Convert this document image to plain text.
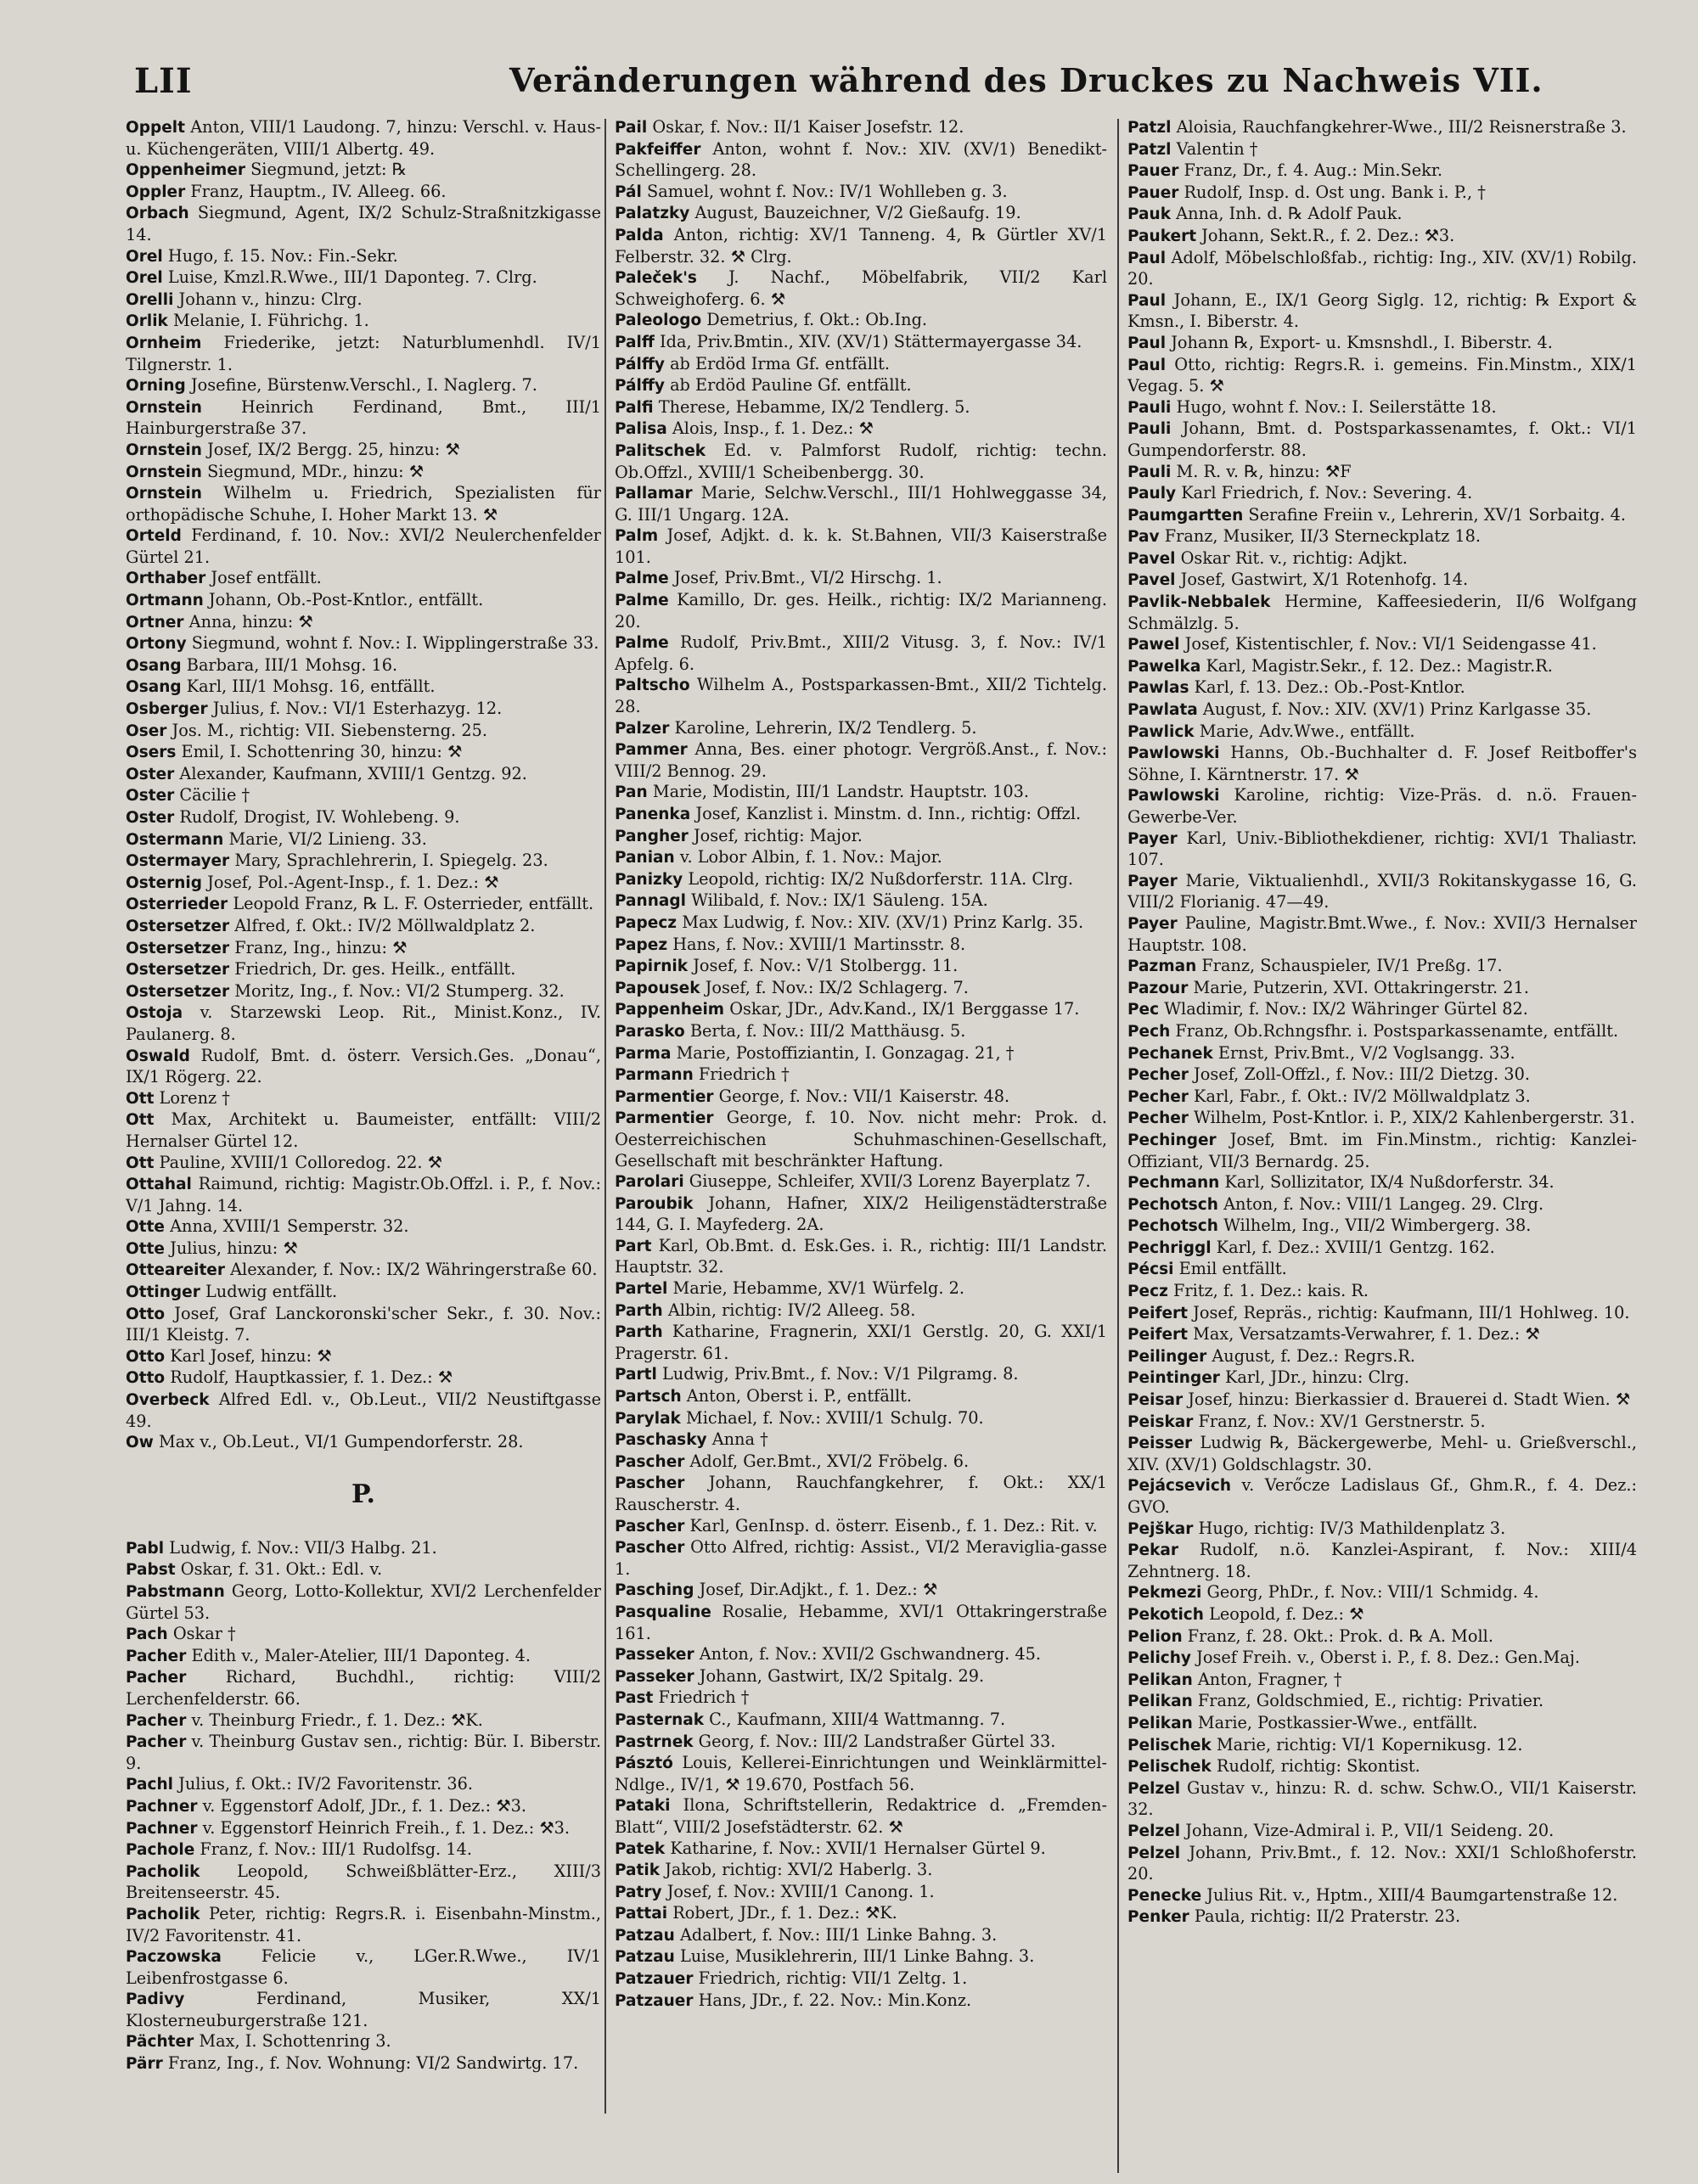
LII	Veränderungen während des Druckes zu Nachweis VII.

Oppelt Anton, VIII/1 Laudong. 7, hinzu: Verschl. v. Haus- u. Küchengeräten, VIII/1 Albertg. 49.

Oppenheimer Siegmund, jetzt: ℞

Oppler Franz, Hauptm., IV. Alleeg. 66.

Orbach Siegmund, Agent, IX/2 Schulz-Straßnitzkigasse 14.

Orel Hugo, f. 15. Nov.: Fin.-Sekr.

Orel Luise, Kmzl.R.Wwe., III/1 Daponteg. 7. Clrg.

Orelli Johann v., hinzu: Clrg.

Orlik Melanie, I. Führichg. 1.

Ornheim Friederike, jetzt: Naturblumenhdl. IV/1 Tilgnerstr. 1.

Orning Josefine, Bürstenw.Verschl., I. Naglerg. 7.

Ornstein Heinrich Ferdinand, Bmt., III/1 Hainburgerstraße 37.

Ornstein Josef, IX/2 Bergg. 25, hinzu: ⚒

Ornstein Siegmund, MDr., hinzu: ⚒

Ornstein Wilhelm u. Friedrich, Spezialisten für orthopädische Schuhe, I. Hoher Markt 13. ⚒

Orteld Ferdinand, f. 10. Nov.: XVI/2 Neulerchenfelder Gürtel 21.

Orthaber Josef entfällt.

Ortmann Johann, Ob.-Post-Kntlor., entfällt.

Ortner Anna, hinzu: ⚒

Ortony Siegmund, wohnt f. Nov.: I. Wipplingerstraße 33.

Osang Barbara, III/1 Mohsg. 16.

Osang Karl, III/1 Mohsg. 16, entfällt.

Osberger Julius, f. Nov.: VI/1 Esterhazyg. 12.

Oser Jos. M., richtig: VII. Siebensterng. 25.

Osers Emil, I. Schottenring 30, hinzu: ⚒

Oster Alexander, Kaufmann, XVIII/1 Gentzg. 92.

Oster Cäcilie †

Oster Rudolf, Drogist, IV. Wohlebeng. 9.

Ostermann Marie, VI/2 Linieng. 33.

Ostermayer Mary, Sprachlehrerin, I. Spiegelg. 23.

Osternig Josef, Pol.-Agent-Insp., f. 1. Dez.: ⚒

Osterrieder Leopold Franz, ℞ L. F. Osterrieder, entfällt.

Ostersetzer Alfred, f. Okt.: IV/2 Möllwaldplatz 2.

Ostersetzer Franz, Ing., hinzu: ⚒

Ostersetzer Friedrich, Dr. ges. Heilk., entfällt.

Ostersetzer Moritz, Ing., f. Nov.: VI/2 Stumperg. 32.

Ostoja v. Starzewski Leop. Rit., Minist.Konz., IV. Paulanerg. 8.

Oswald Rudolf, Bmt. d. österr. Versich.Ges. „Donau“, IX/1 Rögerg. 22.

Ott Lorenz †

Ott Max, Architekt u. Baumeister, entfällt: VIII/2 Hernalser Gürtel 12.

Ott Pauline, XVIII/1 Colloredog. 22. ⚒

Ottahal Raimund, richtig: Magistr.Ob.Offzl. i. P., f. Nov.: V/1 Jahng. 14.

Otte Anna, XVIII/1 Semperstr. 32.

Otte Julius, hinzu: ⚒

Otteareiter Alexander, f. Nov.: IX/2 Währingerstraße 60.

Ottinger Ludwig entfällt.

Otto Josef, Graf Lanckoronski'scher Sekr., f. 30. Nov.: III/1 Kleistg. 7.

Otto Karl Josef, hinzu: ⚒

Otto Rudolf, Hauptkassier, f. 1. Dez.: ⚒

Overbeck Alfred Edl. v., Ob.Leut., VII/2 Neustiftgasse 49.

Ow Max v., Ob.Leut., VI/1 Gumpendorferstr. 28.

P.

Pabl Ludwig, f. Nov.: VII/3 Halbg. 21.

Pabst Oskar, f. 31. Okt.: Edl. v.

Pabstmann Georg, Lotto-Kollektur, XVI/2 Lerchenfelder Gürtel 53.

Pach Oskar †

Pacher Edith v., Maler-Atelier, III/1 Daponteg. 4.

Pacher Richard, Buchdhl., richtig: VIII/2 Lerchenfelderstr. 66.

Pacher v. Theinburg Friedr., f. 1. Dez.: ⚒K.

Pacher v. Theinburg Gustav sen., richtig: Bür. I. Biberstr. 9.

Pachl Julius, f. Okt.: IV/2 Favoritenstr. 36.

Pachner v. Eggenstorf Adolf, JDr., f. 1. Dez.: ⚒3.

Pachner v. Eggenstorf Heinrich Freih., f. 1. Dez.: ⚒3.

Pachole Franz, f. Nov.: III/1 Rudolfsg. 14.

Pacholik Leopold, Schweißblätter-Erz., XIII/3 Breitenseerstr. 45.

Pacholik Peter, richtig: Regrs.R. i. Eisenbahn-Minstm., IV/2 Favoritenstr. 41.

Paczowska Felicie v., LGer.R.Wwe., IV/1 Leibenfrostgasse 6.

Padivy Ferdinand, Musiker, XX/1 Klosterneuburgerstraße 121.

Pächter Max, I. Schottenring 3.

Pärr Franz, Ing., f. Nov. Wohnung: VI/2 Sandwirtg. 17.

Pail Oskar, f. Nov.: II/1 Kaiser Josefstr. 12.

Pakfeiffer Anton, wohnt f. Nov.: XIV. (XV/1) Benedikt-Schellingerg. 28.

Pál Samuel, wohnt f. Nov.: IV/1 Wohlleben g. 3.

Palatzky August, Bauzeichner, V/2 Gießaufg. 19.

Palda Anton, richtig: XV/1 Tanneng. 4, ℞ Gürtler XV/1 Felberstr. 32. ⚒ Clrg.

Paleček's J. Nachf., Möbelfabrik, VII/2 Karl Schweighoferg. 6. ⚒

Paleologo Demetrius, f. Okt.: Ob.Ing.

Palff Ida, Priv.Bmtin., XIV. (XV/1) Stättermayergasse 34.

Pálffy ab Erdöd Irma Gf. entfällt.

Pálffy ab Erdöd Pauline Gf. entfällt.

Palfi Therese, Hebamme, IX/2 Tendlerg. 5.

Palisa Alois, Insp., f. 1. Dez.: ⚒

Palitschek Ed. v. Palmforst Rudolf, richtig: techn. Ob.Offzl., XVIII/1 Scheibenbergg. 30.

Pallamar Marie, Selchw.Verschl., III/1 Hohlweggasse 34, G. III/1 Ungarg. 12A.

Palm Josef, Adjkt. d. k. k. St.Bahnen, VII/3 Kaiserstraße 101.

Palme Josef, Priv.Bmt., VI/2 Hirschg. 1.

Palme Kamillo, Dr. ges. Heilk., richtig: IX/2 Marianneng. 20.

Palme Rudolf, Priv.Bmt., XIII/2 Vitusg. 3, f. Nov.: IV/1 Apfelg. 6.

Paltscho Wilhelm A., Postsparkassen-Bmt., XII/2 Tichtelg. 28.

Palzer Karoline, Lehrerin, IX/2 Tendlerg. 5.

Pammer Anna, Bes. einer photogr. Vergröß.Anst., f. Nov.: VIII/2 Bennog. 29.

Pan Marie, Modistin, III/1 Landstr. Hauptstr. 103.

Panenka Josef, Kanzlist i. Minstm. d. Inn., richtig: Offzl.

Pangher Josef, richtig: Major.

Panian v. Lobor Albin, f. 1. Nov.: Major.

Panizky Leopold, richtig: IX/2 Nußdorferstr. 11A. Clrg.

Pannagl Wilibald, f. Nov.: IX/1 Säuleng. 15A.

Papecz Max Ludwig, f. Nov.: XIV. (XV/1) Prinz Karlg. 35.

Papez Hans, f. Nov.: XVIII/1 Martinsstr. 8.

Papirnik Josef, f. Nov.: V/1 Stolbergg. 11.

Papousek Josef, f. Nov.: IX/2 Schlagerg. 7.

Pappenheim Oskar, JDr., Adv.Kand., IX/1 Berggasse 17.

Parasko Berta, f. Nov.: III/2 Matthäusg. 5.

Parma Marie, Postoffiziantin, I. Gonzagag. 21, †

Parmann Friedrich †

Parmentier George, f. Nov.: VII/1 Kaiserstr. 48.

Parmentier George, f. 10. Nov. nicht mehr: Prok. d. Oesterreichischen Schuhmaschinen-Gesellschaft, Gesellschaft mit beschränkter Haftung.

Parolari Giuseppe, Schleifer, XVII/3 Lorenz Bayerplatz 7.

Paroubik Johann, Hafner, XIX/2 Heiligenstädterstraße 144, G. I. Mayfederg. 2A.

Part Karl, Ob.Bmt. d. Esk.Ges. i. R., richtig: III/1 Landstr. Hauptstr. 32.

Partel Marie, Hebamme, XV/1 Würfelg. 2.

Parth Albin, richtig: IV/2 Alleeg. 58.

Parth Katharine, Fragnerin, XXI/1 Gerstlg. 20, G. XXI/1 Pragerstr. 61.

Partl Ludwig, Priv.Bmt., f. Nov.: V/1 Pilgramg. 8.

Partsch Anton, Oberst i. P., entfällt.

Parylak Michael, f. Nov.: XVIII/1 Schulg. 70.

Paschasky Anna †

Pascher Adolf, Ger.Bmt., XVI/2 Fröbelg. 6.

Pascher Johann, Rauchfangkehrer, f. Okt.: XX/1 Rauscherstr. 4.

Pascher Karl, GenInsp. d. österr. Eisenb., f. 1. Dez.: Rit. v.

Pascher Otto Alfred, richtig: Assist., VI/2 Meraviglia-gasse 1.

Pasching Josef, Dir.Adjkt., f. 1. Dez.: ⚒

Pasqualine Rosalie, Hebamme, XVI/1 Ottakringerstraße 161.

Passeker Anton, f. Nov.: XVII/2 Gschwandnerg. 45.

Passeker Johann, Gastwirt, IX/2 Spitalg. 29.

Past Friedrich †

Pasternak C., Kaufmann, XIII/4 Wattmanng. 7.

Pastrnek Georg, f. Nov.: III/2 Landstraßer Gürtel 33.

Pásztó Louis, Kellerei-Einrichtungen und Weinklärmittel-Ndlge., IV/1, ⚒ 19.670, Postfach 56.

Pataki Ilona, Schriftstellerin, Redaktrice d. „Fremden-Blatt“, VIII/2 Josefstädterstr. 62. ⚒

Patek Katharine, f. Nov.: XVII/1 Hernalser Gürtel 9.

Patik Jakob, richtig: XVI/2 Haberlg. 3.

Patry Josef, f. Nov.: XVIII/1 Canong. 1.

Pattai Robert, JDr., f. 1. Dez.: ⚒K.

Patzau Adalbert, f. Nov.: III/1 Linke Bahng. 3.

Patzau Luise, Musiklehrerin, III/1 Linke Bahng. 3.

Patzauer Friedrich, richtig: VII/1 Zeltg. 1.

Patzauer Hans, JDr., f. 22. Nov.: Min.Konz.

Patzl Aloisia, Rauchfangkehrer-Wwe., III/2 Reisnerstraße 3.

Patzl Valentin †

Pauer Franz, Dr., f. 4. Aug.: Min.Sekr.

Pauer Rudolf, Insp. d. Ost ung. Bank i. P., †

Pauk Anna, Inh. d. ℞ Adolf Pauk.

Paukert Johann, Sekt.R., f. 2. Dez.: ⚒3.

Paul Adolf, Möbelschloßfab., richtig: Ing., XIV. (XV/1) Robilg. 20.

Paul Johann, E., IX/1 Georg Siglg. 12, richtig: ℞ Export & Kmsn., I. Biberstr. 4.

Paul Johann ℞, Export- u. Kmsnshdl., I. Biberstr. 4.

Paul Otto, richtig: Regrs.R. i. gemeins. Fin.Minstm., XIX/1 Vegag. 5. ⚒

Pauli Hugo, wohnt f. Nov.: I. Seilerstätte 18.

Pauli Johann, Bmt. d. Postsparkassenamtes, f. Okt.: VI/1 Gumpendorferstr. 88.

Pauli M. R. v. ℞, hinzu: ⚒F

Pauly Karl Friedrich, f. Nov.: Severing. 4.

Paumgartten Serafine Freiin v., Lehrerin, XV/1 Sorbaitg. 4.

Pav Franz, Musiker, II/3 Sterneckplatz 18.

Pavel Oskar Rit. v., richtig: Adjkt.

Pavel Josef, Gastwirt, X/1 Rotenhofg. 14.

Pavlik-Nebbalek Hermine, Kaffeesiederin, II/6 Wolfgang Schmälzlg. 5.

Pawel Josef, Kistentischler, f. Nov.: VI/1 Seidengasse 41.

Pawelka Karl, Magistr.Sekr., f. 12. Dez.: Magistr.R.

Pawlas Karl, f. 13. Dez.: Ob.-Post-Kntlor.

Pawlata August, f. Nov.: XIV. (XV/1) Prinz Karlgasse 35.

Pawlick Marie, Adv.Wwe., entfällt.

Pawlowski Hanns, Ob.-Buchhalter d. F. Josef Reitboffer's Söhne, I. Kärntnerstr. 17. ⚒

Pawlowski Karoline, richtig: Vize-Präs. d. n.ö. Frauen-Gewerbe-Ver.

Payer Karl, Univ.-Bibliothekdiener, richtig: XVI/1 Thaliastr. 107.

Payer Marie, Viktualienhdl., XVII/3 Rokitanskygasse 16, G. VIII/2 Florianig. 47—49.

Payer Pauline, Magistr.Bmt.Wwe., f. Nov.: XVII/3 Hernalser Hauptstr. 108.

Pazman Franz, Schauspieler, IV/1 Preßg. 17.

Pazour Marie, Putzerin, XVI. Ottakringerstr. 21.

Pec Wladimir, f. Nov.: IX/2 Währinger Gürtel 82.

Pech Franz, Ob.Rchngsfhr. i. Postsparkassenamte, entfällt.

Pechanek Ernst, Priv.Bmt., V/2 Voglsangg. 33.

Pecher Josef, Zoll-Offzl., f. Nov.: III/2 Dietzg. 30.

Pecher Karl, Fabr., f. Okt.: IV/2 Möllwaldplatz 3.

Pecher Wilhelm, Post-Kntlor. i. P., XIX/2 Kahlenbergerstr. 31.

Pechinger Josef, Bmt. im Fin.Minstm., richtig: Kanzlei-Offiziant, VII/3 Bernardg. 25.

Pechmann Karl, Sollizitator, IX/4 Nußdorferstr. 34.

Pechotsch Anton, f. Nov.: VIII/1 Langeg. 29. Clrg.

Pechotsch Wilhelm, Ing., VII/2 Wimbergerg. 38.

Pechriggl Karl, f. Dez.: XVIII/1 Gentzg. 162.

Pécsi Emil entfällt.

Pecz Fritz, f. 1. Dez.: kais. R.

Peifert Josef, Repräs., richtig: Kaufmann, III/1 Hohlweg. 10.

Peifert Max, Versatzamts-Verwahrer, f. 1. Dez.: ⚒

Peilinger August, f. Dez.: Regrs.R.

Peintinger Karl, JDr., hinzu: Clrg.

Peisar Josef, hinzu: Bierkassier d. Brauerei d. Stadt Wien. ⚒

Peiskar Franz, f. Nov.: XV/1 Gerstnerstr. 5.

Peisser Ludwig ℞, Bäckergewerbe, Mehl- u. Grießverschl., XIV. (XV/1) Goldschlagstr. 30.

Pejácsevich v. Verőcze Ladislaus Gf., Ghm.R., f. 4. Dez.: GVO.

Pejškar Hugo, richtig: IV/3 Mathildenplatz 3.

Pekar Rudolf, n.ö. Kanzlei-Aspirant, f. Nov.: XIII/4 Zehntnerg. 18.

Pekmezi Georg, PhDr., f. Nov.: VIII/1 Schmidg. 4.

Pekotich Leopold, f. Dez.: ⚒

Pelion Franz, f. 28. Okt.: Prok. d. ℞ A. Moll.

Pelichy Josef Freih. v., Oberst i. P., f. 8. Dez.: Gen.Maj.

Pelikan Anton, Fragner, †

Pelikan Franz, Goldschmied, E., richtig: Privatier.

Pelikan Marie, Postkassier-Wwe., entfällt.

Pelischek Marie, richtig: VI/1 Kopernikusg. 12.

Pelischek Rudolf, richtig: Skontist.

Pelzel Gustav v., hinzu: R. d. schw. Schw.O., VII/1 Kaiserstr. 32.

Pelzel Johann, Vize-Admiral i. P., VII/1 Seideng. 20.

Pelzel Johann, Priv.Bmt., f. 12. Nov.: XXI/1 Schloßhoferstr. 20.

Penecke Julius Rit. v., Hptm., XIII/4 Baumgartenstraße 12.

Penker Paula, richtig: II/2 Praterstr. 23.
